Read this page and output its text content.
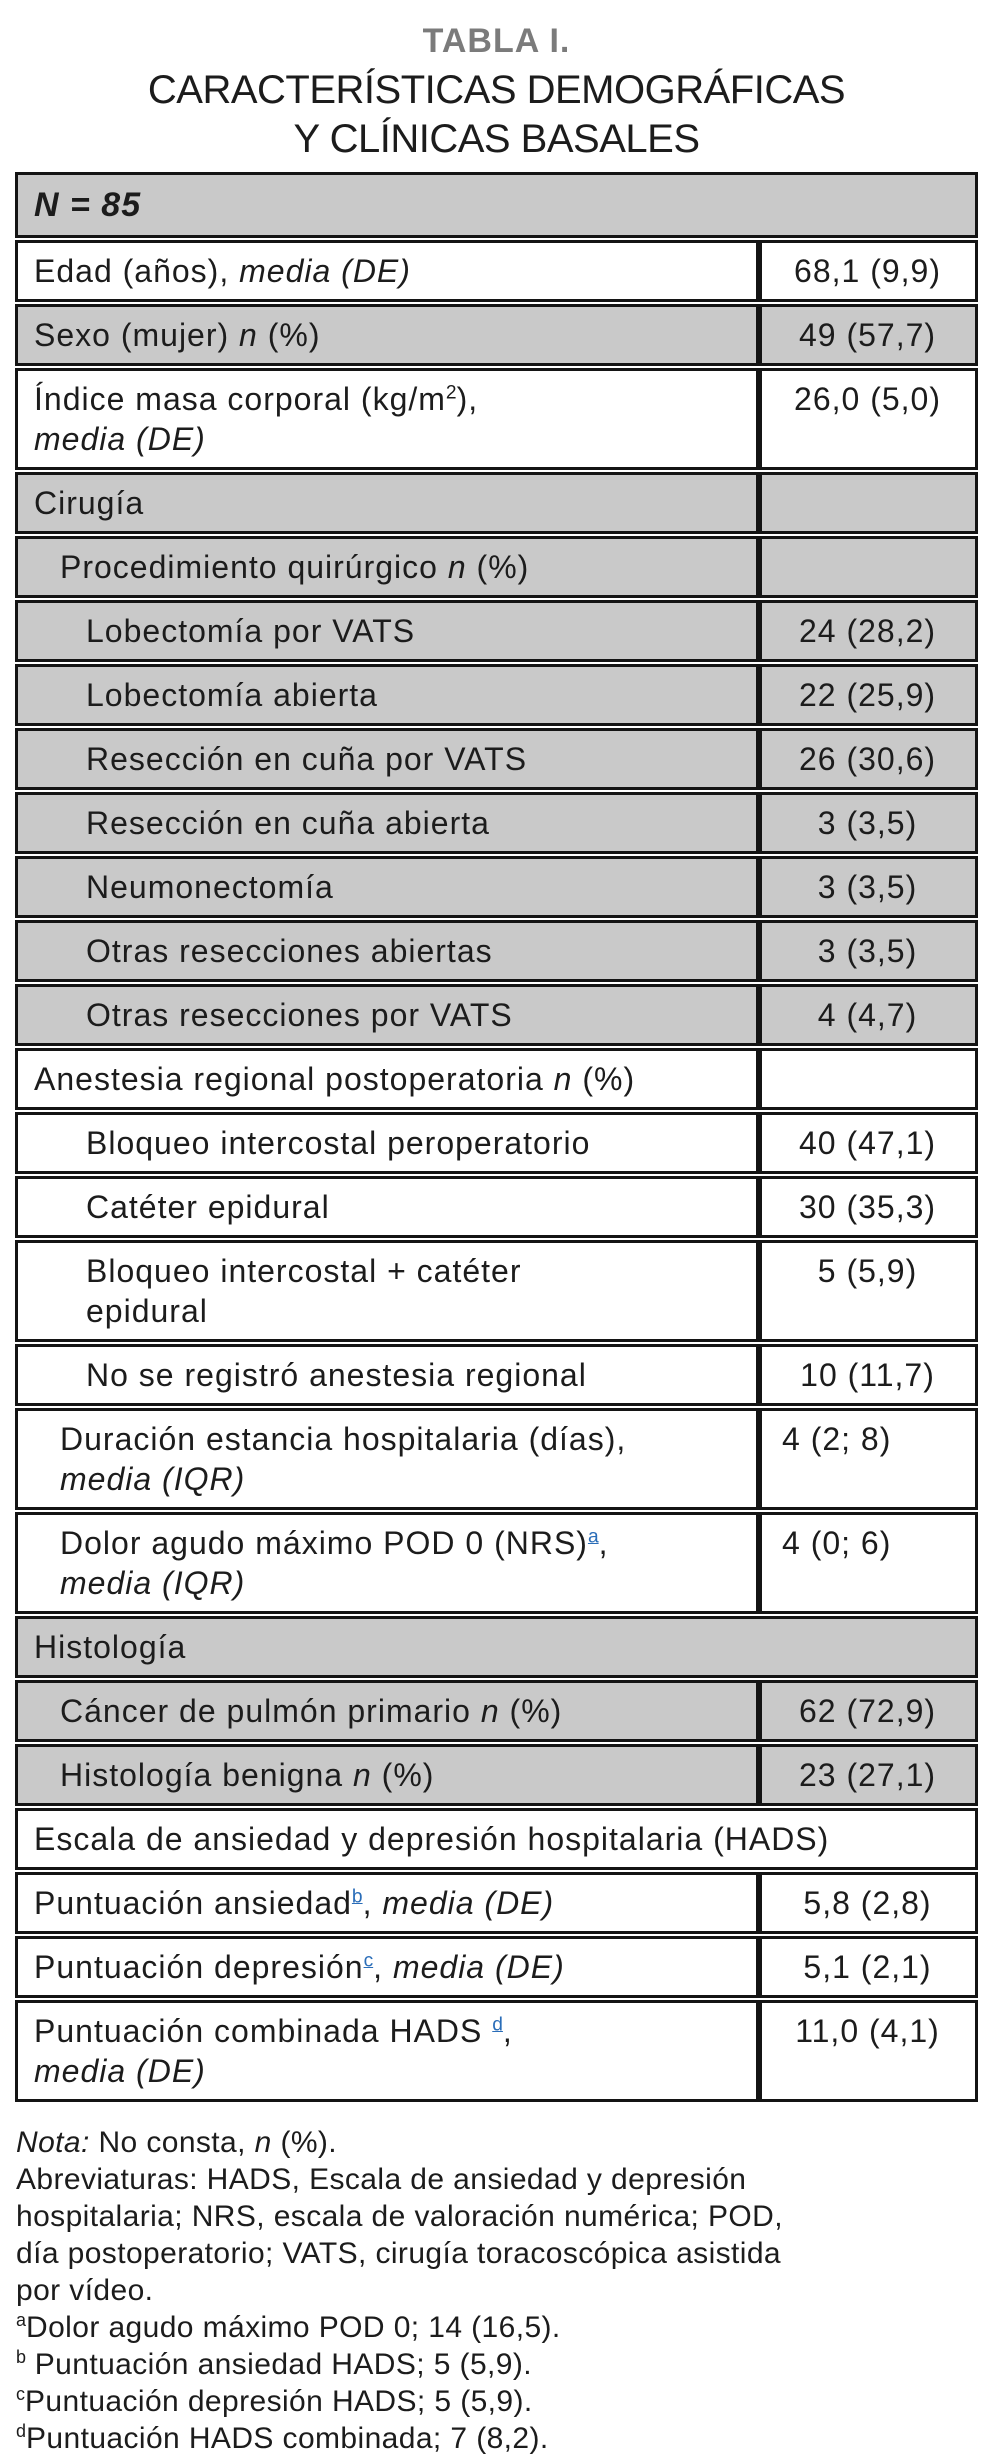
TABLA I.
CARACTERÍSTICAS DEMOGRÁFICAS
Y CLÍNICAS BASALES
N = 85	
Edad (años), media (DE)	68,1 (9,9)
Sexo (mujer) n (%)	49 (57,7)
Índice masa corporal $(kg/m^2)$,
media (DE)	26,0 (5,0)
Cirugía	
Procedimiento quirúrgico n (%)	
Lobectomía por VATS	24 (28,2)
Lobectomía abierta	22 (25,9)
Resección en cuña por VATS	26 (30,6)
Resección en cuña abierta	3 (3,5)
Neumonectomía	3 (3,5)
Otras resecciones abiertas	3 (3,5)
Otras resecciones por VATS	4 (4,7)
Anestesia regional postoperatoria n (%)	
Bloqueo intercostal peroperatorio	40 (47,1)
Catéter epidural	30 (35,3)
Bloqueo intercostal + catéter
epidural	5 (5,9)
No se registró anestesia regional	10 (11,7)
Duración estancia hospitalaria (días),
media (IQR)	4 (2; 8)
Dolor agudo máximo POD 0 (NRS)$^a$,
media (IQR)	4 (0; 6)
Histología	
Cáncer de pulmón primario n (%)	62 (72,9)
Histología benigna n (%)	23 (27,1)
Escala de ansiedad y depresión hospitalaria (HADS)	
Puntuación ansiedad$^b$, media (DE)	5,8 (2,8)
Puntuación depresión$^c$, media (DE)	5,1 (2,1)
Puntuación combinada HADS $^d$,
media (DE)	11,0 (4,1)
Nota: No consta, n (%).
Abreviaturas: HADS, Escala de ansiedad y depresión
hospitalaria; NRS, escala de valoración numérica; POD,
día postoperatorio; VATS, cirugía toracoscópica asistida
por vídeo.
$^a$Dolor agudo máximo POD 0; 14 (16,5).
$^b$ Puntuación ansiedad HADS; 5 (5,9).
$^c$Puntuación depresión HADS; 5 (5,9).
$^d$Puntuación HADS combinada; 7 (8,2).
